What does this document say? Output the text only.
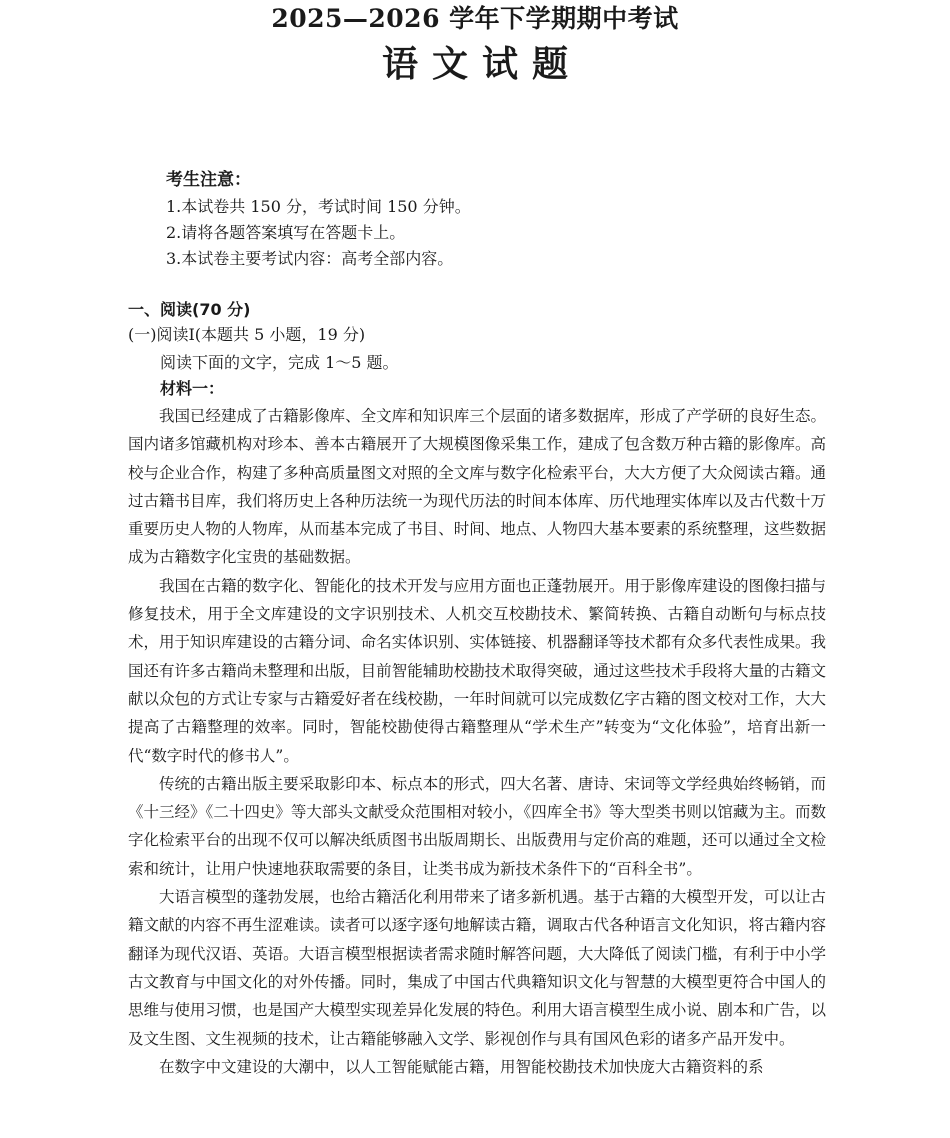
2025—2026 学年下学期期中考试
语文试题
考生注意：
1.本试卷共 150 分，考试时间 150 分钟。
2.请将各题答案填写在答题卡上。
3.本试卷主要考试内容：高考全部内容。
一、阅读(70 分)
(一)阅读Ⅰ(本题共 5 小题，19 分)
阅读下面的文字，完成 1～5 题。
材料一：

我国已经建成了古籍影像库、全文库和知识库三个层面的诸多数据库，形成了产学研的良好生态。国内诸多馆藏机构对珍本、善本古籍展开了大规模图像采集工作，建成了包含数万种古籍的影像库。高校与企业合作，构建了多种高质量图文对照的全文库与数字化检索平台，大大方便了大众阅读古籍。通过古籍书目库，我们将历史上各种历法统一为现代历法的时间本体库、历代地理实体库以及古代数十万重要历史人物的人物库，从而基本完成了书目、时间、地点、人物四大基本要素的系统整理，这些数据成为古籍数字化宝贵的基础数据。

我国在古籍的数字化、智能化的技术开发与应用方面也正蓬勃展开。用于影像库建设的图像扫描与修复技术，用于全文库建设的文字识别技术、人机交互校勘技术、繁简转换、古籍自动断句与标点技术，用于知识库建设的古籍分词、命名实体识别、实体链接、机器翻译等技术都有众多代表性成果。我国还有许多古籍尚未整理和出版，目前智能辅助校勘技术取得突破，通过这些技术手段将大量的古籍文献以众包的方式让专家与古籍爱好者在线校勘，一年时间就可以完成数亿字古籍的图文校对工作，大大提高了古籍整理的效率。同时，智能校勘使得古籍整理从“学术生产”转变为“文化体验”，培育出新一代“数字时代的修书人”。

传统的古籍出版主要采取影印本、标点本的形式，四大名著、唐诗、宋词等文学经典始终畅销，而《十三经》《二十四史》等大部头文献受众范围相对较小，《四库全书》等大型类书则以馆藏为主。而数字化检索平台的出现不仅可以解决纸质图书出版周期长、出版费用与定价高的难题，还可以通过全文检索和统计，让用户快速地获取需要的条目，让类书成为新技术条件下的“百科全书”。

大语言模型的蓬勃发展，也给古籍活化利用带来了诸多新机遇。基于古籍的大模型开发，可以让古籍文献的内容不再生涩难读。读者可以逐字逐句地解读古籍，调取古代各种语言文化知识，将古籍内容翻译为现代汉语、英语。大语言模型根据读者需求随时解答问题，大大降低了阅读门槛，有利于中小学古文教育与中国文化的对外传播。同时，集成了中国古代典籍知识文化与智慧的大模型更符合中国人的思维与使用习惯，也是国产大模型实现差异化发展的特色。利用大语言模型生成小说、剧本和广告，以及文生图、文生视频的技术，让古籍能够融入文学、影视创作与具有国风色彩的诸多产品开发中。

在数字中文建设的大潮中，以人工智能赋能古籍，用智能校勘技术加快庞大古籍资料的系
